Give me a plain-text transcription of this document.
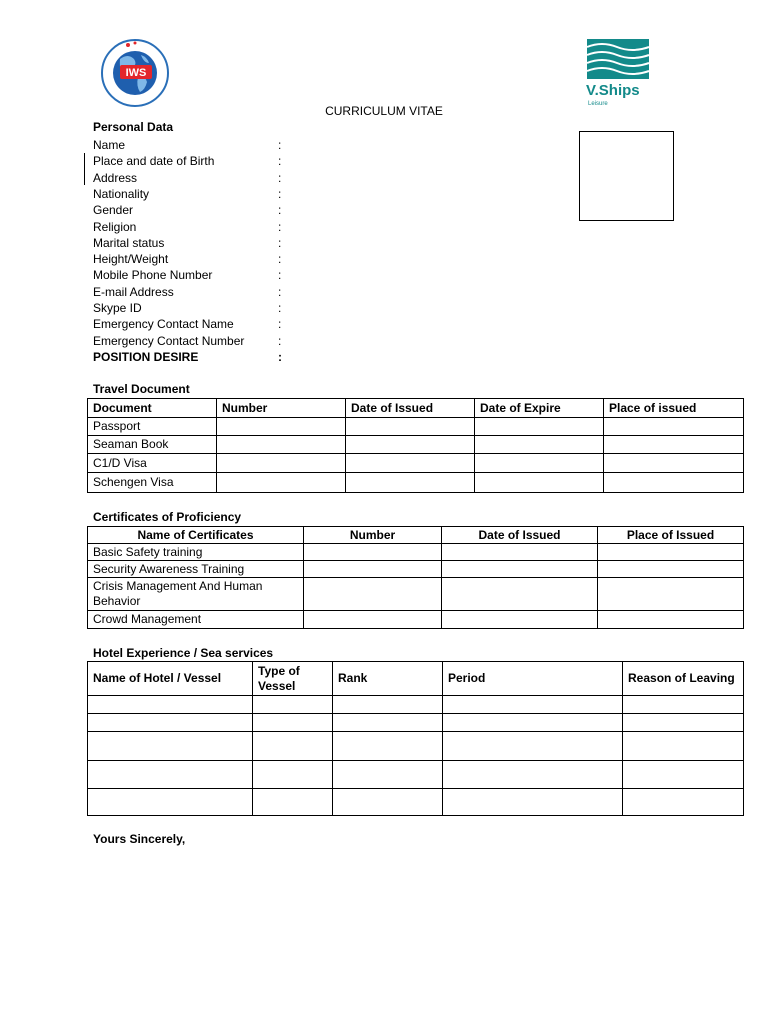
IWS
V.Ships
Leisure
CURRICULUM VITAE
Personal Data
Name	:
Place and date of Birth	:
Address	:
Nationality	:
Gender	:
Religion	:
Marital status	:
Height/Weight	:
Mobile Phone Number	:
E-mail Address	:
Skype ID	:
Emergency Contact Name	:
Emergency Contact Number	:
POSITION DESIRE	:
Travel Document
Document	Number	Date of Issued	Date of Expire	Place of issued
Passport				
Seaman Book				
C1/D Visa				
Schengen Visa				
Certificates of Proficiency
Name of Certificates	Number	Date of Issued	Place of Issued
Basic Safety training			
Security Awareness Training			
Crisis Management And Human Behavior			
Crowd Management			
Hotel Experience / Sea services
Name of Hotel / Vessel	Type of Vessel	Rank	Period	Reason of Leaving

Yours Sincerely,
